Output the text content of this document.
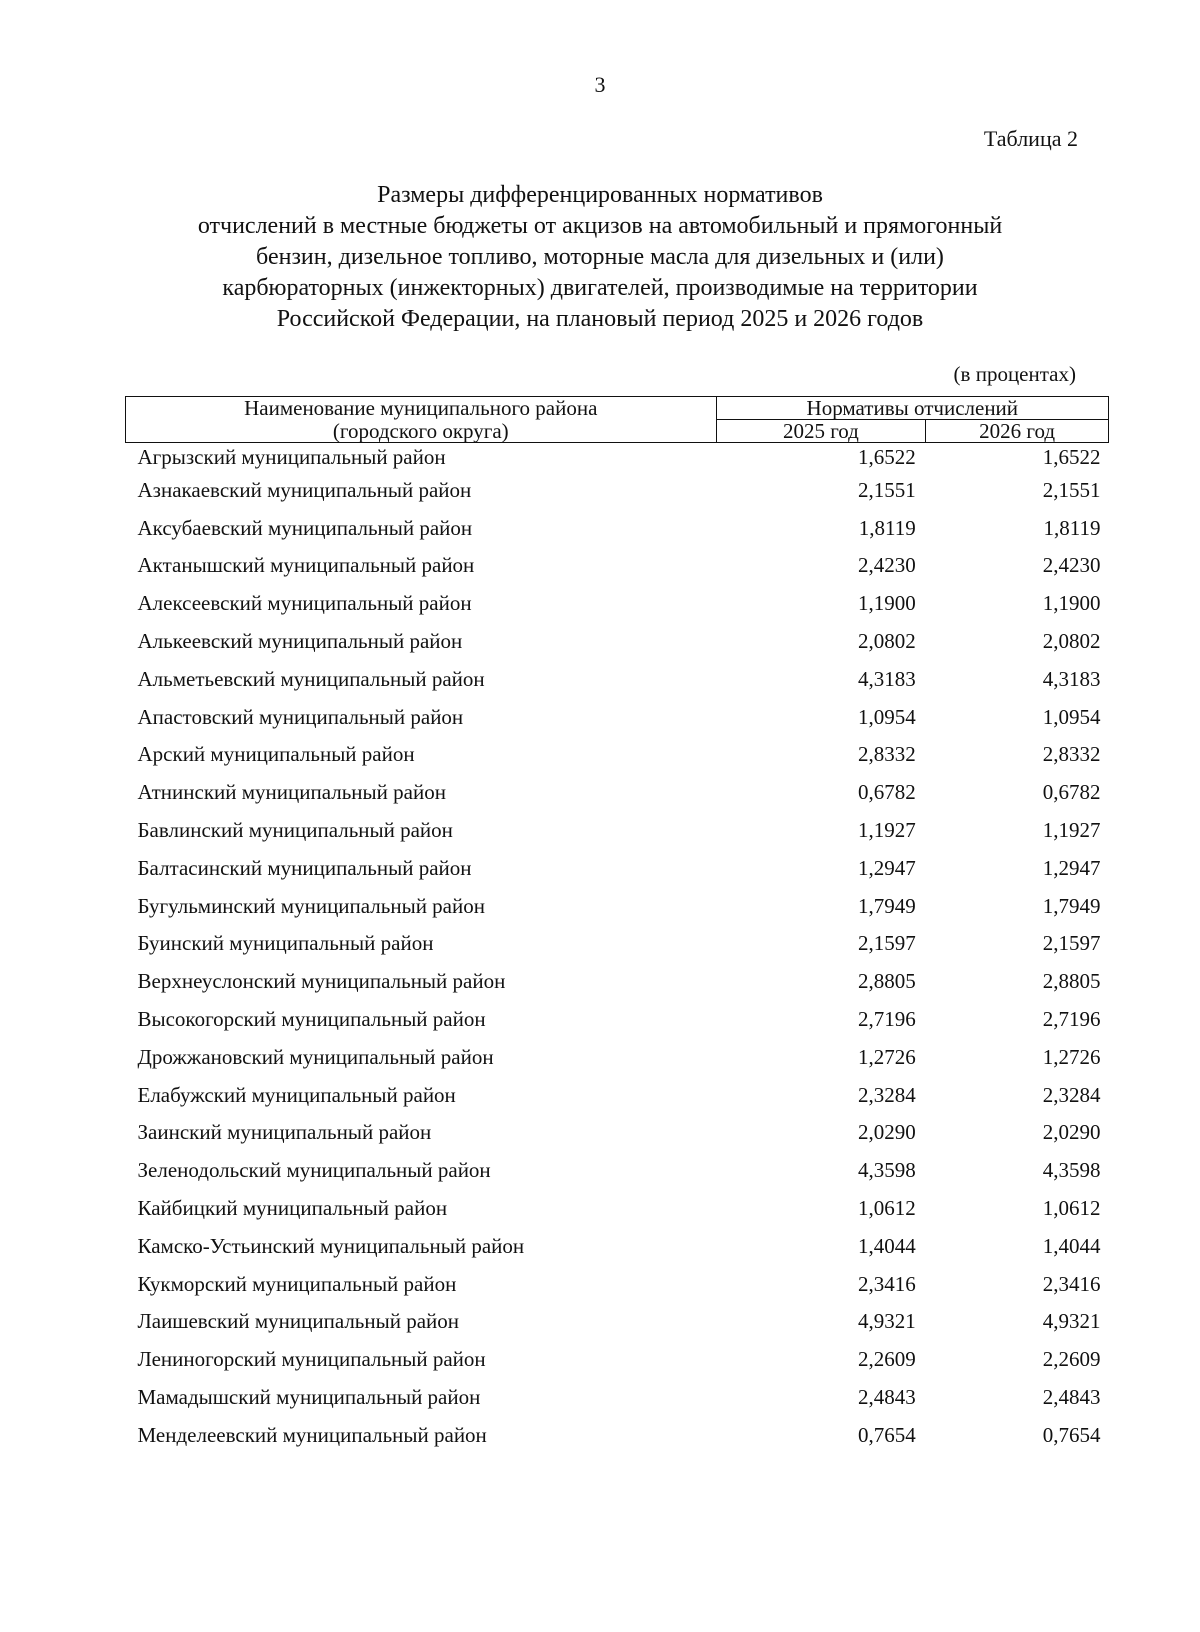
3
Таблица 2
Размеры дифференцированных нормативов
отчислений в местные бюджеты от акцизов на автомобильный и прямогонный
бензин, дизельное топливо, моторные масла для дизельных и (или)
карбюраторных (инжекторных) двигателей, производимые на территории
Российской Федерации, на плановый период 2025 и 2026 годов
(в процентах)
Наименование муниципального района	Нормативы отчислений	
(городского округа)	2025 год	2026 год
Агрызский муниципальный район	1,6522	1,6522
Азнакаевский муниципальный район	2,1551	2,1551
Аксубаевский муниципальный район	1,8119	1,8119
Актанышский муниципальный район	2,4230	2,4230
Алексеевский муниципальный район	1,1900	1,1900
Алькеевский муниципальный район	2,0802	2,0802
Альметьевский муниципальный район	4,3183	4,3183
Апастовский муниципальный район	1,0954	1,0954
Арский муниципальный район	2,8332	2,8332
Атнинский муниципальный район	0,6782	0,6782
Бавлинский муниципальный район	1,1927	1,1927
Балтасинский муниципальный район	1,2947	1,2947
Бугульминский муниципальный район	1,7949	1,7949
Буинский муниципальный район	2,1597	2,1597
Верхнеуслонский муниципальный район	2,8805	2,8805
Высокогорский муниципальный район	2,7196	2,7196
Дрожжановский муниципальный район	1,2726	1,2726
Елабужский муниципальный район	2,3284	2,3284
Заинский муниципальный район	2,0290	2,0290
Зеленодольский муниципальный район	4,3598	4,3598
Кайбицкий муниципальный район	1,0612	1,0612
Камско-Устьинский муниципальный район	1,4044	1,4044
Кукморский муниципальный район	2,3416	2,3416
Лаишевский муниципальный район	4,9321	4,9321
Лениногорский муниципальный район	2,2609	2,2609
Мамадышский муниципальный район	2,4843	2,4843
Менделеевский муниципальный район	0,7654	0,7654
